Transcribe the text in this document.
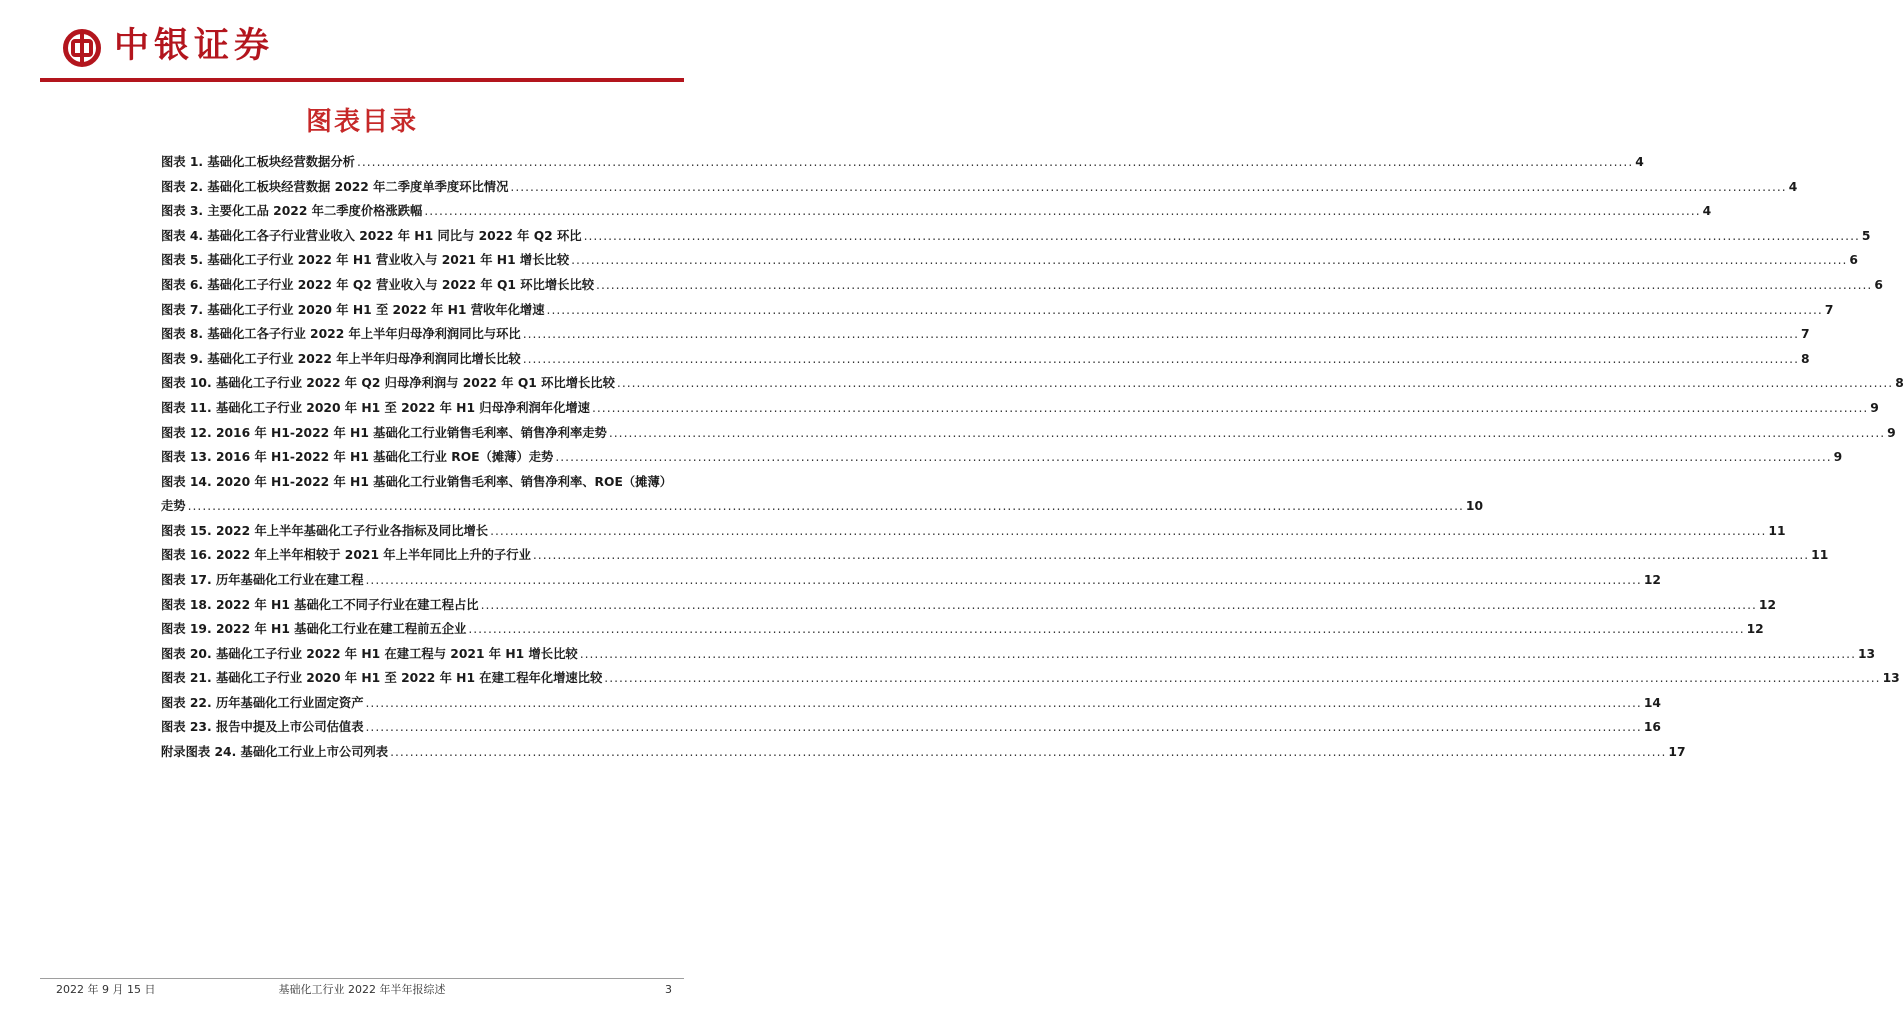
中银证券
图表目录
图表 1. 基础化工板块经营数据分析 .................................................................................................................................................................................................................................................................... 4
图表 2. 基础化工板块经营数据 2022 年二季度单季度环比情况 .................................................................................................................................................................................................................................................................... 4
图表 3. 主要化工品 2022 年二季度价格涨跌幅 .................................................................................................................................................................................................................................................................... 4
图表 4. 基础化工各子行业营业收入 2022 年 H1 同比与 2022 年 Q2 环比 .................................................................................................................................................................................................................................................................... 5
图表 5. 基础化工子行业 2022 年 H1 营业收入与 2021 年 H1 增长比较 .................................................................................................................................................................................................................................................................... 6
图表 6. 基础化工子行业 2022 年 Q2 营业收入与 2022 年 Q1 环比增长比较 .................................................................................................................................................................................................................................................................... 6
图表 7. 基础化工子行业 2020 年 H1 至 2022 年 H1 营收年化增速 .................................................................................................................................................................................................................................................................... 7
图表 8. 基础化工各子行业 2022 年上半年归母净利润同比与环比 .................................................................................................................................................................................................................................................................... 7
图表 9. 基础化工子行业 2022 年上半年归母净利润同比增长比较 .................................................................................................................................................................................................................................................................... 8
图表 10. 基础化工子行业 2022 年 Q2 归母净利润与 2022 年 Q1 环比增长比较 .................................................................................................................................................................................................................................................................... 8
图表 11. 基础化工子行业 2020 年 H1 至 2022 年 H1 归母净利润年化增速 .................................................................................................................................................................................................................................................................... 9
图表 12. 2016 年 H1-2022 年 H1 基础化工行业销售毛利率、销售净利率走势 .................................................................................................................................................................................................................................................................... 9
图表 13. 2016 年 H1-2022 年 H1 基础化工行业 ROE（摊薄）走势 .................................................................................................................................................................................................................................................................... 9
图表 14. 2020 年 H1-2022 年 H1 基础化工行业销售毛利率、销售净利率、ROE（摊薄）
走势 .................................................................................................................................................................................................................................................................... 10
图表 15. 2022 年上半年基础化工子行业各指标及同比增长 .................................................................................................................................................................................................................................................................... 11
图表 16. 2022 年上半年相较于 2021 年上半年同比上升的子行业 .................................................................................................................................................................................................................................................................... 11
图表 17. 历年基础化工行业在建工程 .................................................................................................................................................................................................................................................................... 12
图表 18. 2022 年 H1 基础化工不同子行业在建工程占比 .................................................................................................................................................................................................................................................................... 12
图表 19. 2022 年 H1 基础化工行业在建工程前五企业 .................................................................................................................................................................................................................................................................... 12
图表 20. 基础化工子行业 2022 年 H1 在建工程与 2021 年 H1 增长比较 .................................................................................................................................................................................................................................................................... 13
图表 21. 基础化工子行业 2020 年 H1 至 2022 年 H1 在建工程年化增速比较 .................................................................................................................................................................................................................................................................... 13
图表 22. 历年基础化工行业固定资产 .................................................................................................................................................................................................................................................................... 14
图表 23. 报告中提及上市公司估值表 .................................................................................................................................................................................................................................................................... 16
附录图表 24. 基础化工行业上市公司列表 .................................................................................................................................................................................................................................................................... 17
2022 年 9 月 15 日	基础化工行业 2022 年半年报综述	3
